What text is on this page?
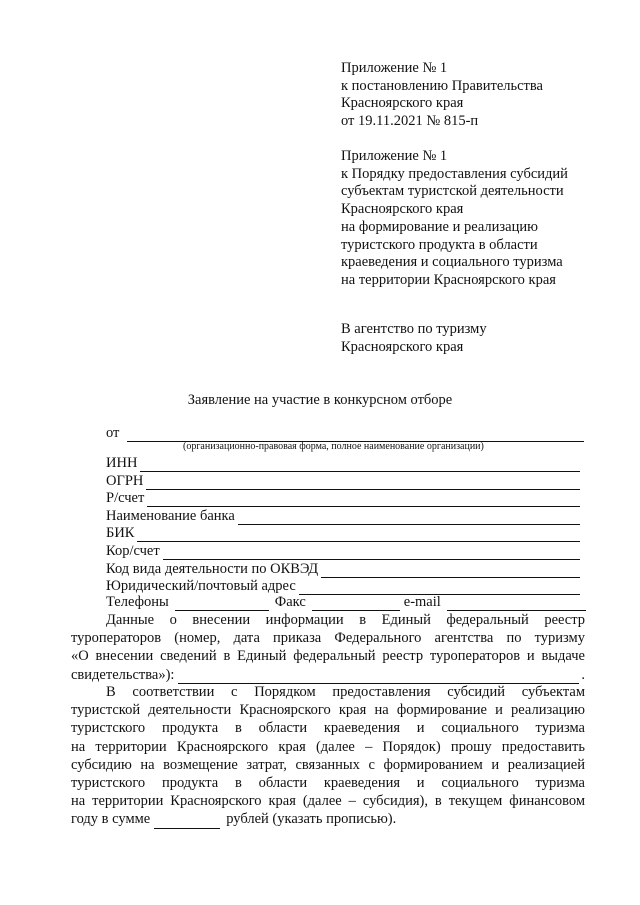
Приложение № 1
к постановлению Правительства
Красноярского края
от 19.11.2021 № 815-п
Приложение № 1
к Порядку предоставления субсидий
субъектам туристской деятельности
Красноярского края
на формирование и реализацию
туристского продукта в области
краеведения и социального туризма
на территории Красноярского края
В агентство по туризму
Красноярского края
Заявление на участие в конкурсном отборе
от
(организационно-правовая форма, полное наименование организации)
ИНН
ОГРН
Р/счет
Наименование банка
БИК
Кор/счет
Код вида деятельности по ОКВЭД
Юридический/почтовый адрес
Телефоны	Факс	e-mail
Данные о внесении информации в Единый федеральный реестр
туроператоров (номер, дата приказа Федерального агентства по туризму
«О внесении сведений в Единый федеральный реестр туроператоров и выдаче
свидетельства»):	.
В соответствии с Порядком предоставления субсидий субъектам
туристской деятельности Красноярского края на формирование и реализацию
туристского продукта в области краеведения и социального туризма
на территории Красноярского края (далее – Порядок) прошу предоставить
субсидию на возмещение затрат, связанных с формированием и реализацией
туристского продукта в области краеведения и социального туризма
на территории Красноярского края (далее – субсидия), в текущем финансовом
году в сумме	рублей (указать прописью).
